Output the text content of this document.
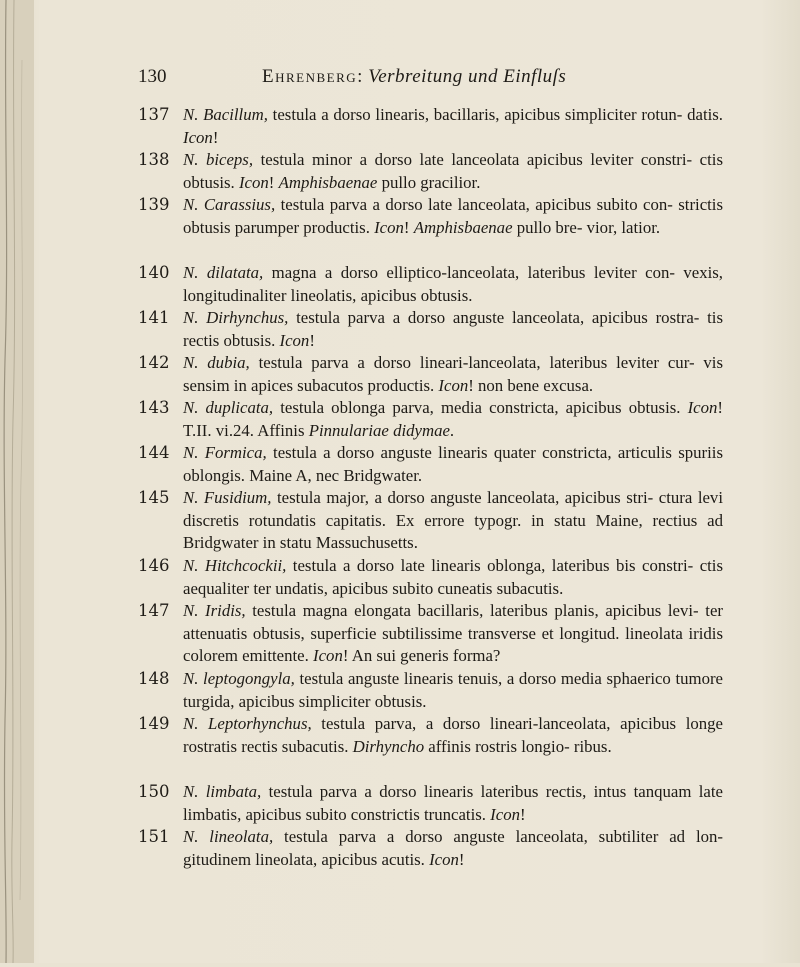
130	Ehrenberg: Verbreitung und Einfluſs
137 N. Bacillum, testula a dorso linearis, bacillaris, apicibus simpliciter rotun- datis. Icon!

138 N. biceps, testula minor a dorso late lanceolata apicibus leviter constri- ctis obtusis. Icon! Amphisbaenae pullo gracilior.

139 N. Carassius, testula parva a dorso late lanceolata, apicibus subito con- strictis obtusis parumper productis. Icon! Amphisbaenae pullo bre- vior, latior.

140 N. dilatata, magna a dorso elliptico-lanceolata, lateribus leviter con- vexis, longitudinaliter lineolatis, apicibus obtusis.

141 N. Dirhynchus, testula parva a dorso anguste lanceolata, apicibus rostra- tis rectis obtusis. Icon!

142 N. dubia, testula parva a dorso lineari-lanceolata, lateribus leviter cur- vis sensim in apices subacutos productis. Icon! non bene excusa.

143 N. duplicata, testula oblonga parva, media constricta, apicibus obtusis. Icon! T.II. vi.24. Affinis Pinnulariae didymae.

144 N. Formica, testula a dorso anguste linearis quater constricta, articulis spuriis oblongis. Maine A, nec Bridgwater.

145 N. Fusidium, testula major, a dorso anguste lanceolata, apicibus stri- ctura levi discretis rotundatis capitatis. Ex errore typogr. in statu Maine, rectius ad Bridgwater in statu Massuchusetts.

146 N. Hitchcockii, testula a dorso late linearis oblonga, lateribus bis constri- ctis aequaliter ter undatis, apicibus subito cuneatis subacutis.

147 N. Iridis, testula magna elongata bacillaris, lateribus planis, apicibus levi- ter attenuatis obtusis, superficie subtilissime transverse et longitud. lineolata iridis colorem emittente. Icon! An sui generis forma?

148 N. leptogongyla, testula anguste linearis tenuis, a dorso media sphaerico tumore turgida, apicibus simpliciter obtusis.

149 N. Leptorhynchus, testula parva, a dorso lineari-lanceolata, apicibus longe rostratis rectis subacutis. Dirhyncho affinis rostris longio- ribus.

150 N. limbata, testula parva a dorso linearis lateribus rectis, intus tanquam late limbatis, apicibus subito constrictis truncatis. Icon!

151 N. lineolata, testula parva a dorso anguste lanceolata, subtiliter ad lon- gitudinem lineolata, apicibus acutis. Icon!
